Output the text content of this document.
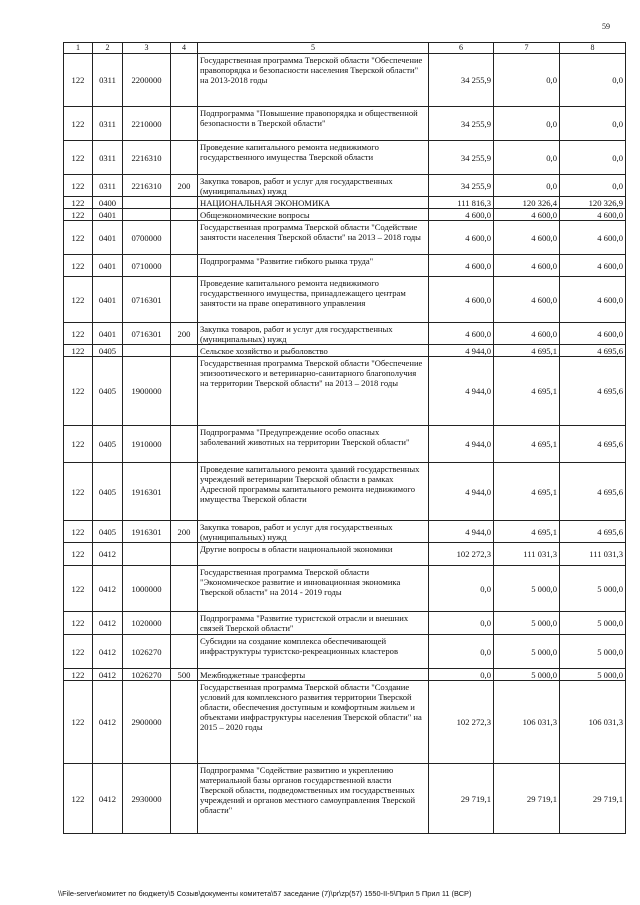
59
1	2	3	4	5	6	7	8
122	0311	2200000		Государственная программа Тверской области "Обеспечение правопорядка и безопасности населения Тверской области" на 2013-2018 годы	34 255,9	0,0	0,0
122	0311	2210000		Подпрограмма "Повышение правопорядка и общественной безопасности в Тверской области"	34 255,9	0,0	0,0
122	0311	2216310		Проведение капитального ремонта недвижимого государственного имущества Тверской области	34 255,9	0,0	0,0
122	0311	2216310	200	Закупка товаров, работ и услуг для государственных (муниципальных) нужд	34 255,9	0,0	0,0
122	0400			НАЦИОНАЛЬНАЯ ЭКОНОМИКА	111 816,3	120 326,4	120 326,9
122	0401			Общеэкономические вопросы	4 600,0	4 600,0	4 600,0
122	0401	0700000		Государственная программа Тверской области "Содействие занятости населения Тверской области" на 2013 – 2018 годы	4 600,0	4 600,0	4 600,0
122	0401	0710000		Подпрограмма "Развитие гибкого рынка труда"	4 600,0	4 600,0	4 600,0
122	0401	0716301		Проведение капитального ремонта недвижимого государственного имущества, принадлежащего центрам занятости на праве оперативного управления	4 600,0	4 600,0	4 600,0
122	0401	0716301	200	Закупка товаров, работ и услуг для государственных (муниципальных) нужд	4 600,0	4 600,0	4 600,0
122	0405			Сельское хозяйство и рыболовство	4 944,0	4 695,1	4 695,6
122	0405	1900000		Государственная программа Тверской области "Обеспечение эпизоотического и ветеринарно-санитарного благополучия на территории Тверской области" на 2013 – 2018 годы	4 944,0	4 695,1	4 695,6
122	0405	1910000		Подпрограмма "Предупреждение особо опасных заболеваний животных на территории Тверской области"	4 944,0	4 695,1	4 695,6
122	0405	1916301		Проведение капитального ремонта зданий государственных учреждений ветеринарии Тверской области в рамках Адресной программы капитального ремонта недвижимого имущества Тверской области	4 944,0	4 695,1	4 695,6
122	0405	1916301	200	Закупка товаров, работ и услуг для государственных (муниципальных) нужд	4 944,0	4 695,1	4 695,6
122	0412			Другие вопросы в области национальной экономики	102 272,3	111 031,3	111 031,3
122	0412	1000000		Государственная программа Тверской области "Экономическое развитие и инновационная экономика Тверской области" на 2014 - 2019 годы	0,0	5 000,0	5 000,0
122	0412	1020000		Подпрограмма "Развитие туристской отрасли и внешних связей Тверской области"	0,0	5 000,0	5 000,0
122	0412	1026270		Субсидии на создание комплекса обеспечивающей инфраструктуры туристско-рекреационных кластеров	0,0	5 000,0	5 000,0
122	0412	1026270	500	Межбюджетные трансферты	0,0	5 000,0	5 000,0
122	0412	2900000		Государственная программа Тверской области "Создание условий для комплексного развития территории Тверской области, обеспечения доступным и комфортным жильем и объектами инфраструктуры населения Тверской области" на 2015 – 2020 годы	102 272,3	106 031,3	106 031,3
122	0412	2930000		Подпрограмма "Содействие развитию и укреплению материальной базы органов государственной власти Тверской области, подведомственных им государственных учреждений и органов местного самоуправления Тверской области"	29 719,1	29 719,1	29 719,1
\\File-server\комитет по бюджету\5 Созыв\документы комитета\57 заседание (7)\pr\zp(57) 1550-II-5\Прил 5 Прил 11 (ВСР)
